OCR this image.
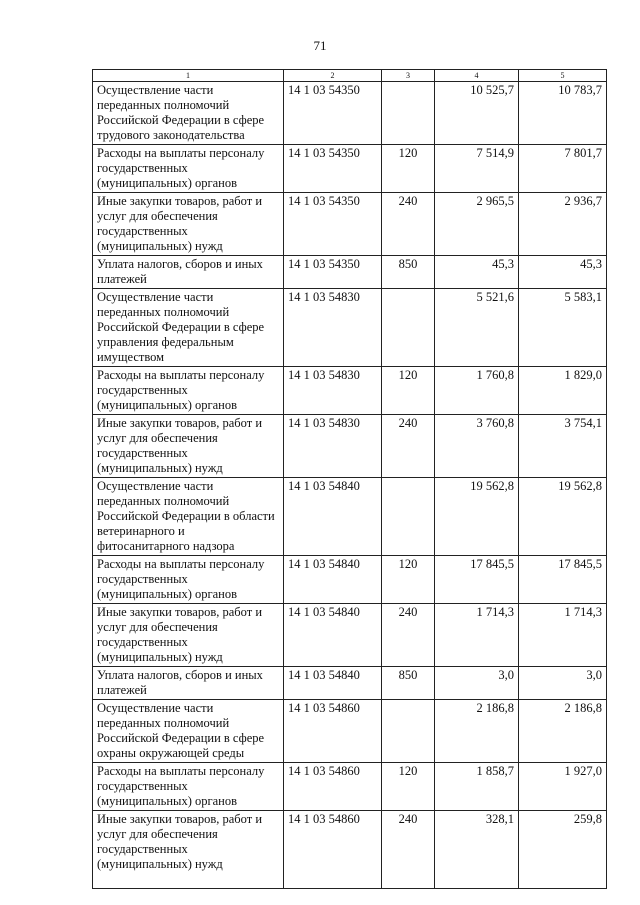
71
1	2	3	4	5
Осуществление части переданных полномочий Российской Федерации в сфере трудового законодательства	14 1 03 54350		10 525,7	10 783,7
Расходы на выплаты персоналу государственных (муниципальных) органов	14 1 03 54350	120	7 514,9	7 801,7
Иные закупки товаров, работ и услуг для обеспечения государственных (муниципальных) нужд	14 1 03 54350	240	2 965,5	2 936,7
Уплата налогов, сборов и иных платежей	14 1 03 54350	850	45,3	45,3
Осуществление части переданных полномочий Российской Федерации в сфере управления федеральным имуществом	14 1 03 54830		5 521,6	5 583,1
Расходы на выплаты персоналу государственных (муниципальных) органов	14 1 03 54830	120	1 760,8	1 829,0
Иные закупки товаров, работ и услуг для обеспечения государственных (муниципальных) нужд	14 1 03 54830	240	3 760,8	3 754,1
Осуществление части переданных полномочий Российской Федерации в области ветеринарного и фитосанитарного надзора	14 1 03 54840		19 562,8	19 562,8
Расходы на выплаты персоналу государственных (муниципальных) органов	14 1 03 54840	120	17 845,5	17 845,5
Иные закупки товаров, работ и услуг для обеспечения государственных (муниципальных) нужд	14 1 03 54840	240	1 714,3	1 714,3
Уплата налогов, сборов и иных платежей	14 1 03 54840	850	3,0	3,0
Осуществление части переданных полномочий Российской Федерации в сфере охраны окружающей среды	14 1 03 54860		2 186,8	2 186,8
Расходы на выплаты персоналу государственных (муниципальных) органов	14 1 03 54860	120	1 858,7	1 927,0
Иные закупки товаров, работ и услуг для обеспечения государственных (муниципальных) нужд	14 1 03 54860	240	328,1	259,8
